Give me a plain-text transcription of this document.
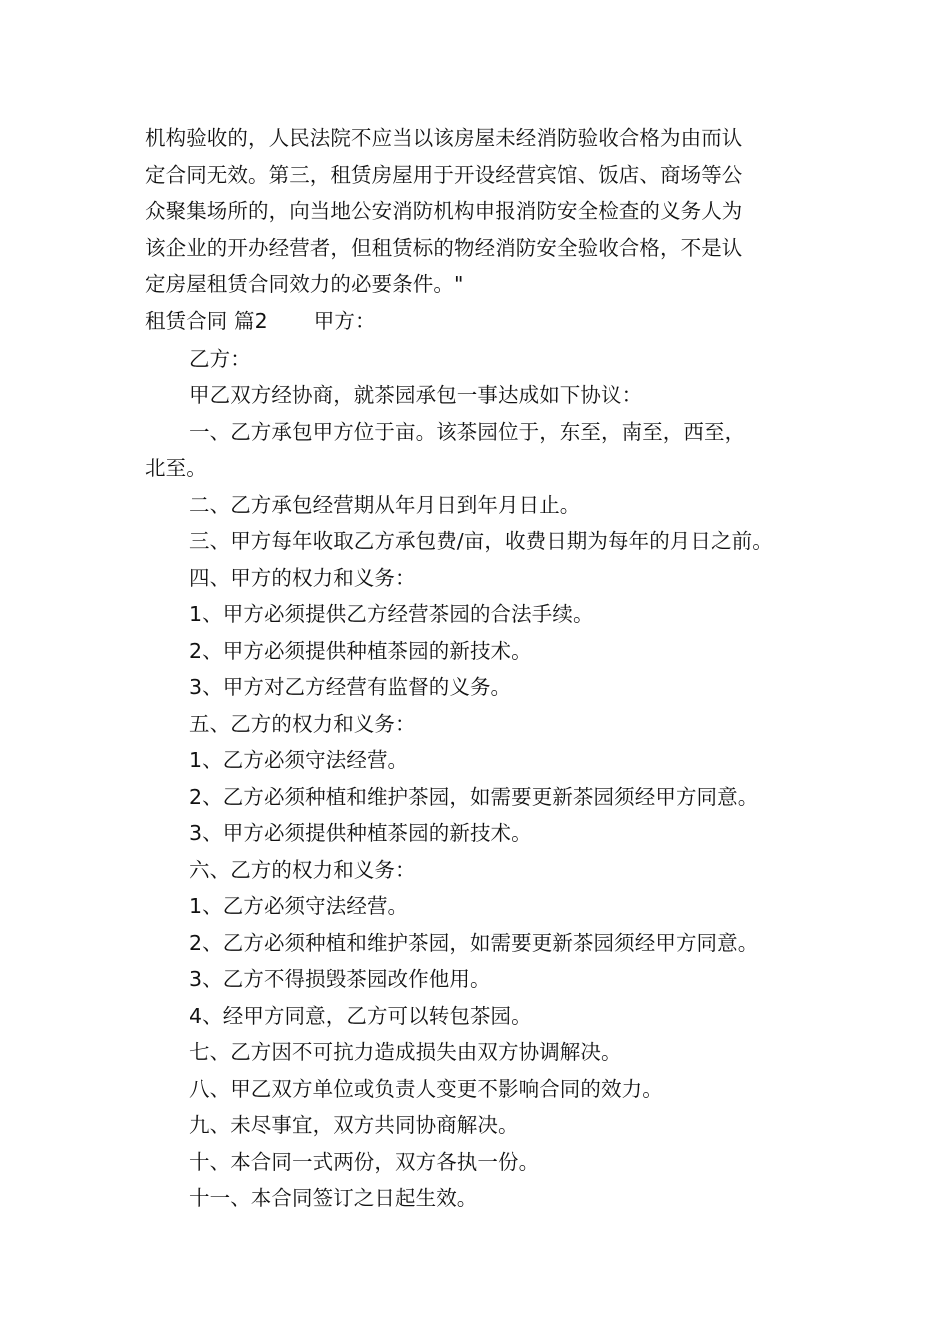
机构验收的，人民法院不应当以该房屋未经消防验收合格为由而认
定合同无效。第三，租赁房屋用于开设经营宾馆、饭店、商场等公
众聚集场所的，向当地公安消防机构申报消防安全检查的义务人为
该企业的开办经营者，但租赁标的物经消防安全验收合格，不是认
定房屋租赁合同效力的必要条件。"
租赁合同 篇2 甲方：
乙方：
甲乙双方经协商，就茶园承包一事达成如下协议：
一、乙方承包甲方位于亩。该茶园位于，东至，南至，西至，
北至。
二、乙方承包经营期从年月日到年月日止。
三、甲方每年收取乙方承包费/亩，收费日期为每年的月日之前。
四、甲方的权力和义务：
1、甲方必须提供乙方经营茶园的合法手续。
2、甲方必须提供种植茶园的新技术。
3、甲方对乙方经营有监督的义务。
五、乙方的权力和义务：
1、乙方必须守法经营。
2、乙方必须种植和维护茶园，如需要更新茶园须经甲方同意。
3、甲方必须提供种植茶园的新技术。
六、乙方的权力和义务：
1、乙方必须守法经营。
2、乙方必须种植和维护茶园，如需要更新茶园须经甲方同意。
3、乙方不得损毁茶园改作他用。
4、经甲方同意，乙方可以转包茶园。
七、乙方因不可抗力造成损失由双方协调解决。
八、甲乙双方单位或负责人变更不影响合同的效力。
九、未尽事宜，双方共同协商解决。
十、本合同一式两份，双方各执一份。
十一、本合同签订之日起生效。
